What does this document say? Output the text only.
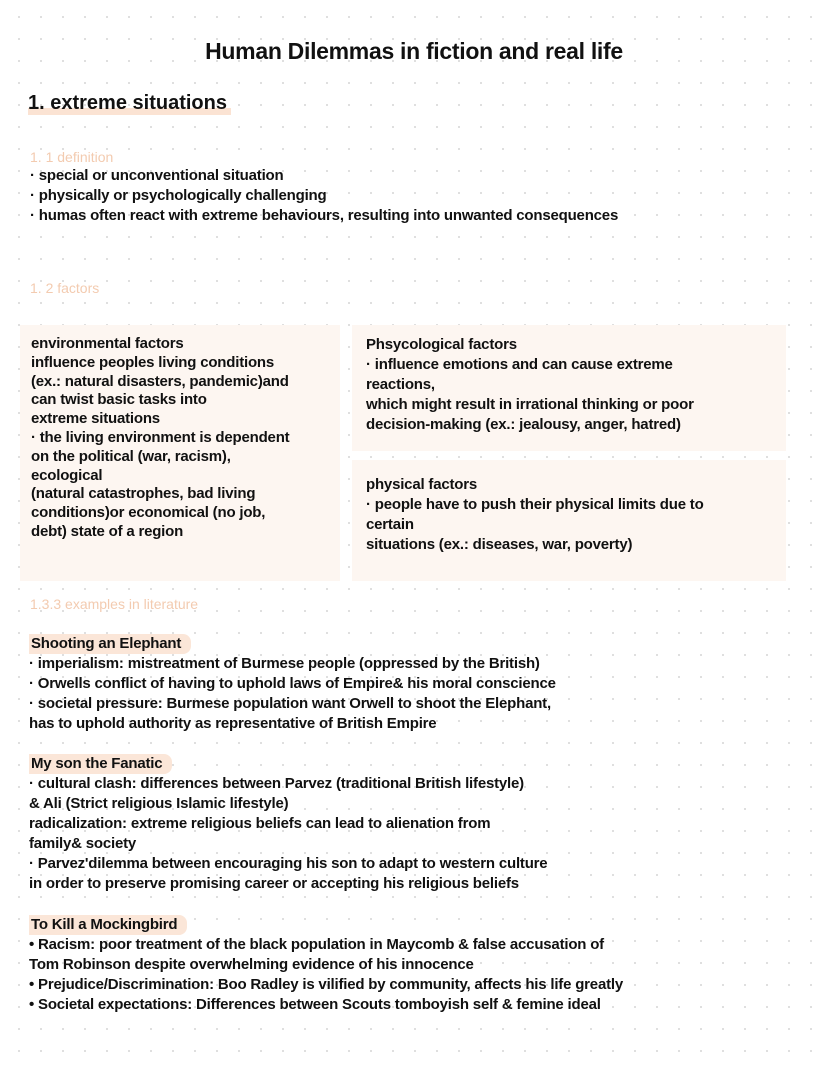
Human Dilemmas in fiction and real life
1. extreme situations
1. 1 definition
· special or unconventional situation
· physically or psychologically challenging
· humas often react with extreme behaviours, resulting into unwanted consequences
1. 2 factors
environmental factors
influence peoples living conditions
(ex.: natural disasters, pandemic)and
can twist basic tasks into
extreme situations
· the living environment is dependent
on the political (war, racism),
ecological
(natural catastrophes, bad living
conditions)or economical (no job,
debt) state of a region
Phsycological factors
· influence emotions and can cause extreme
reactions,
which might result in irrational thinking or poor
decision-making (ex.: jealousy, anger, hatred)
physical factors
· people have to push their physical limits due to
certain
situations (ex.: diseases, war, poverty)
1.3.3 examples in literature
Shooting an Elephant
· imperialism: mistreatment of Burmese people (oppressed by the British)
· Orwells conflict of having to uphold laws of Empire& his moral conscience
· societal pressure: Burmese population want Orwell to shoot the Elephant,
has to uphold authority as representative of British Empire
My son the Fanatic
· cultural clash: differences between Parvez (traditional British lifestyle)
& Ali (Strict religious Islamic lifestyle)
radicalization: extreme religious beliefs can lead to alienation from
family& society
· Parvez'dilemma between encouraging his son to adapt to western culture
in order to preserve promising career or accepting his religious beliefs
To Kill a Mockingbird
• Racism: poor treatment of the black population in Maycomb & false accusation of
Tom Robinson despite overwhelming evidence of his innocence
• Prejudice/Discrimination: Boo Radley is vilified by community, affects his life greatly
• Societal expectations: Differences between Scouts tomboyish self & femine ideal
